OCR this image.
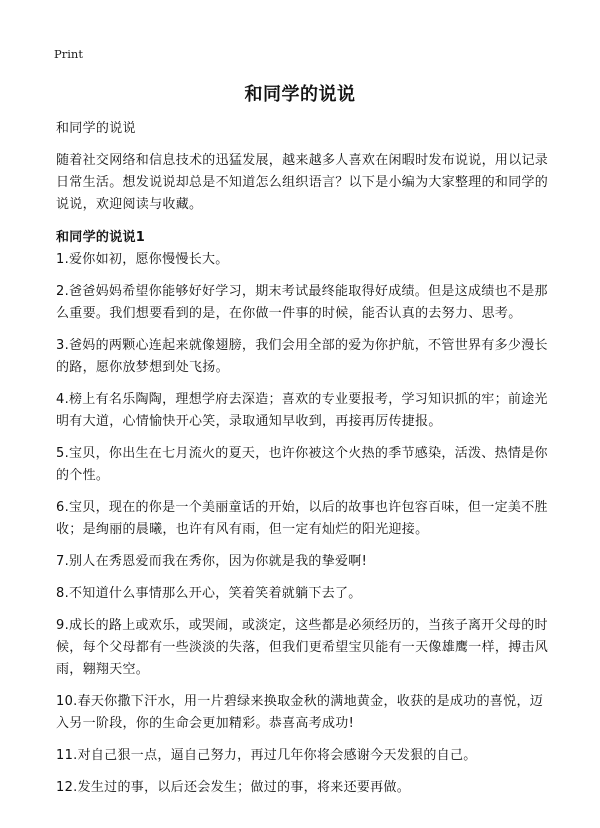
Print
和同学的说说

和同学的说说

随着社交网络和信息技术的迅猛发展，越来越多人喜欢在闲暇时发布说说，用以记录日常生活。想发说说却总是不知道怎么组织语言？以下是小编为大家整理的和同学的说说，欢迎阅读与收藏。

和同学的说说1

1.爱你如初，愿你慢慢长大。

2.爸爸妈妈希望你能够好好学习，期末考试最终能取得好成绩。但是这成绩也不是那么重要。我们想要看到的是，在你做一件事的时候，能否认真的去努力、思考。

3.爸妈的两颗心连起来就像翅膀，我们会用全部的爱为你护航，不管世界有多少漫长的路，愿你放梦想到处飞扬。

4.榜上有名乐陶陶，理想学府去深造；喜欢的专业要报考，学习知识抓的牢；前途光明有大道，心情愉快开心笑，录取通知早收到，再接再厉传捷报。

5.宝贝，你出生在七月流火的夏天，也许你被这个火热的季节感染，活泼、热情是你的个性。

6.宝贝，现在的你是一个美丽童话的开始，以后的故事也许包容百味，但一定美不胜收；是绚丽的晨曦，也许有风有雨，但一定有灿烂的阳光迎接。

7.别人在秀恩爱而我在秀你，因为你就是我的挚爱啊!

8.不知道什么事情那么开心，笑着笑着就躺下去了。

9.成长的路上或欢乐，或哭闹，或淡定，这些都是必须经历的，当孩子离开父母的时候，每个父母都有一些淡淡的失落，但我们更希望宝贝能有一天像雄鹰一样，搏击风雨，翱翔天空。

10.春天你撒下汗水，用一片碧绿来换取金秋的满地黄金，收获的是成功的喜悦，迈入另一阶段，你的生命会更加精彩。恭喜高考成功!

11.对自己狠一点，逼自己努力，再过几年你将会感谢今天发狠的自己。

12.发生过的事，以后还会发生；做过的事，将来还要再做。
